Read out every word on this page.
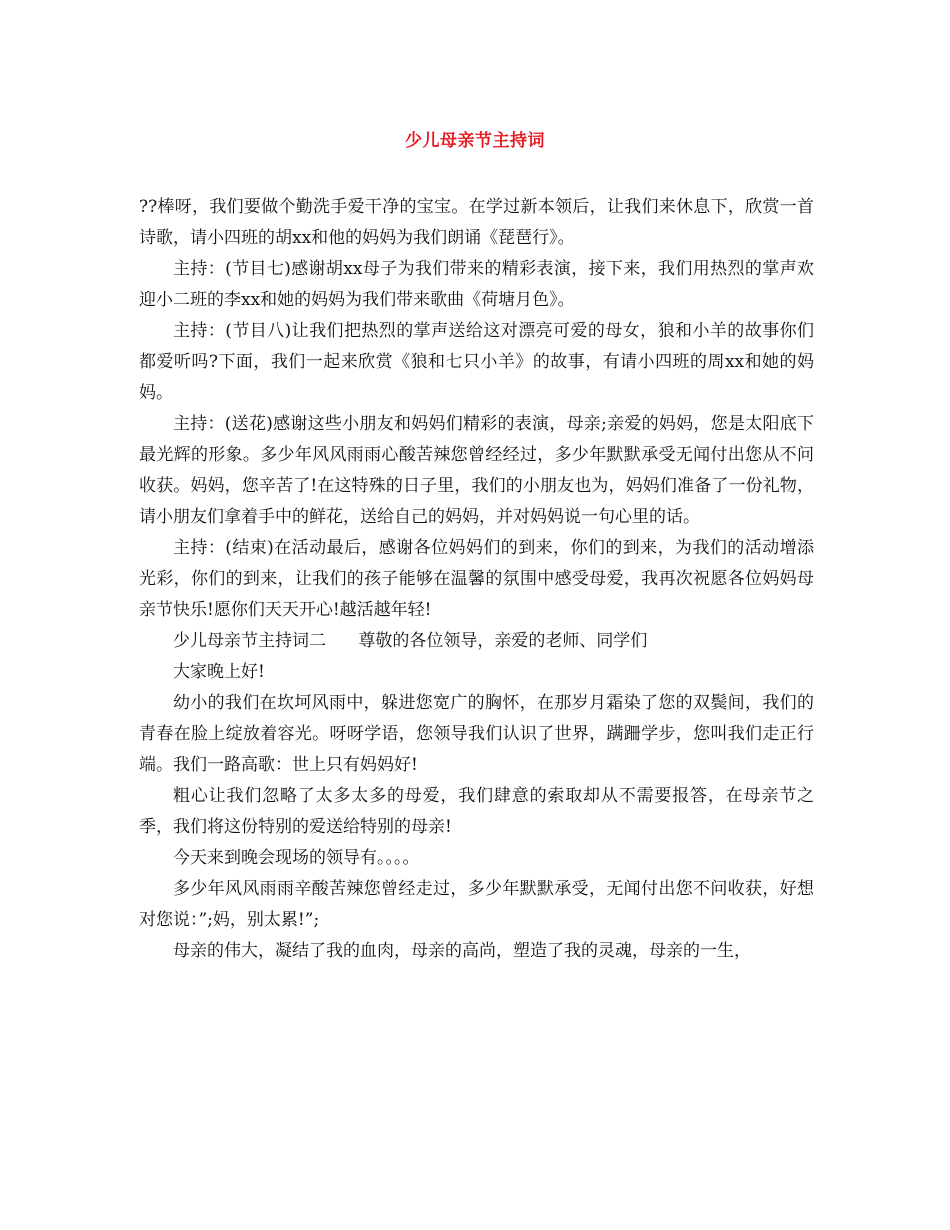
少儿母亲节主持词

??棒呀，我们要做个勤洗手爱干净的宝宝。在学过新本领后，让我们来休息下，欣赏一首诗歌，请小四班的胡xx和他的妈妈为我们朗诵《琵琶行》。

主持：(节目七)感谢胡xx母子为我们带来的精彩表演，接下来，我们用热烈的掌声欢迎小二班的李xx和她的妈妈为我们带来歌曲《荷塘月色》。

主持：(节目八)让我们把热烈的掌声送给这对漂亮可爱的母女，狼和小羊的故事你们都爱听吗?下面，我们一起来欣赏《狼和七只小羊》的故事，有请小四班的周xx和她的妈妈。

主持：(送花)感谢这些小朋友和妈妈们精彩的表演，母亲;亲爱的妈妈，您是太阳底下最光辉的形象。多少年风风雨雨心酸苦辣您曾经经过，多少年默默承受无闻付出您从不问收获。妈妈，您辛苦了!在这特殊的日子里，我们的小朋友也为，妈妈们准备了一份礼物，请小朋友们拿着手中的鲜花，送给自己的妈妈，并对妈妈说一句心里的话。

主持：(结束)在活动最后，感谢各位妈妈们的到来，你们的到来，为我们的活动增添光彩，你们的到来，让我们的孩子能够在温馨的氛围中感受母爱，我再次祝愿各位妈妈母亲节快乐!愿你们天天开心!越活越年轻!

少儿母亲节主持词二      尊敬的各位领导，亲爱的老师、同学们

大家晚上好!

幼小的我们在坎坷风雨中，躲进您宽广的胸怀，在那岁月霜染了您的双鬓间，我们的青春在脸上绽放着容光。呀呀学语，您领导我们认识了世界，蹒跚学步，您叫我们走正行端。我们一路高歌：世上只有妈妈好!

粗心让我们忽略了太多太多的母爱，我们肆意的索取却从不需要报答，在母亲节之季，我们将这份特别的爱送给特别的母亲!

今天来到晚会现场的领导有。。。。

多少年风风雨雨辛酸苦辣您曾经走过，多少年默默承受，无闻付出您不问收获，好想对您说：”;妈，别太累!”;

母亲的伟大，凝结了我的血肉，母亲的高尚，塑造了我的灵魂，母亲的一生，
